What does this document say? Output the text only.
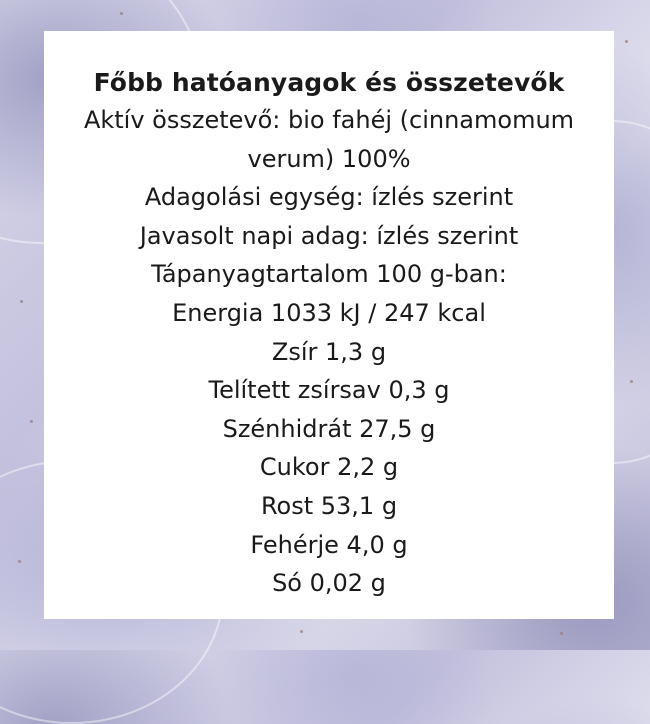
Főbb hatóanyagok és összetevők

Aktív összetevő: bio fahéj (cinnamomum verum) 100%

Adagolási egység: ízlés szerint

Javasolt napi adag: ízlés szerint

Tápanyagtartalom 100 g-ban:

Energia 1033 kJ / 247 kcal

Zsír 1,3 g

Telített zsírsav 0,3 g

Szénhidrát 27,5 g

Cukor 2,2 g

Rost 53,1 g

Fehérje 4,0 g

Só 0,02 g
